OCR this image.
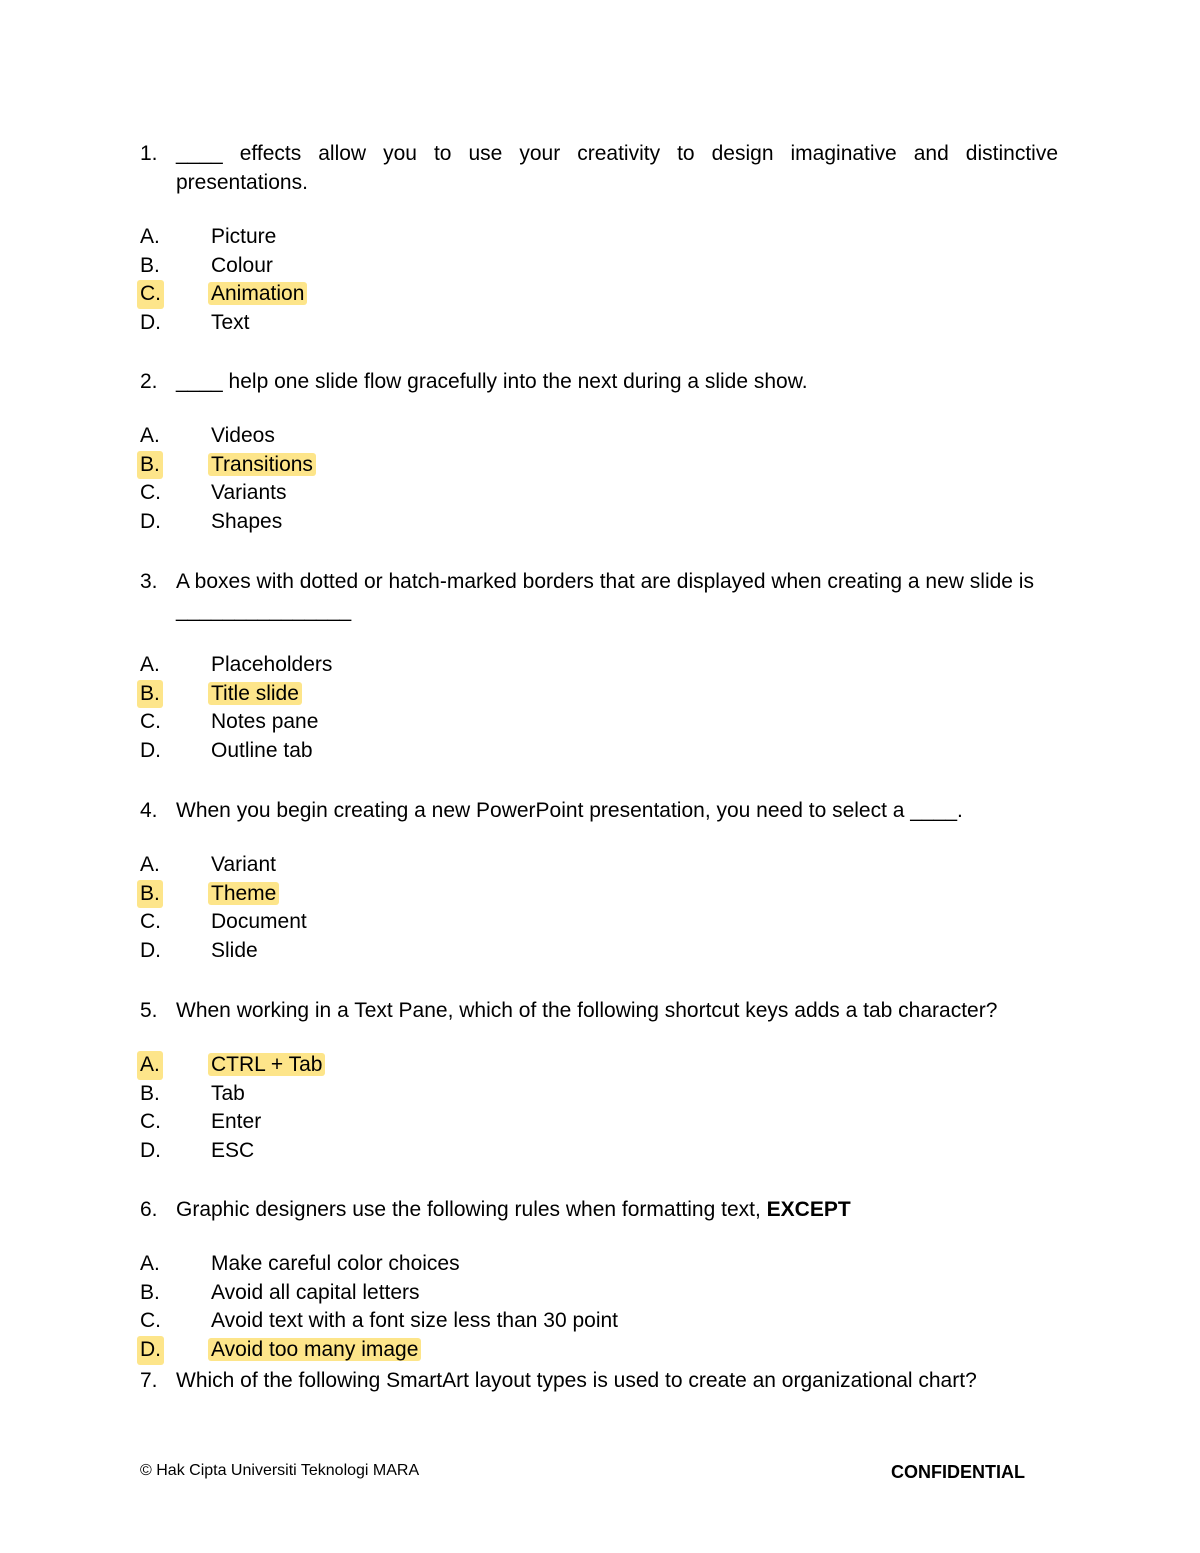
1. ____ effects allow you to use your creativity to design imaginative and distinctive presentations.
A. Picture
B. Colour
C. Animation
D. Text
2. ____ help one slide flow gracefully into the next during a slide show.
A. Videos
B. Transitions
C. Variants
D. Shapes
3. A boxes with dotted or hatch-marked borders that are displayed when creating a new slide is _______________
A. Placeholders
B. Title slide
C. Notes pane
D. Outline tab
4. When you begin creating a new PowerPoint presentation, you need to select a ____.
A. Variant
B. Theme
C. Document
D. Slide
5. When working in a Text Pane, which of the following shortcut keys adds a tab character?
A. CTRL + Tab
B. Tab
C. Enter
D. ESC
6. Graphic designers use the following rules when formatting text, EXCEPT
A. Make careful color choices
B. Avoid all capital letters
C. Avoid text with a font size less than 30 point
D. Avoid too many image
7. Which of the following SmartArt layout types is used to create an organizational chart?
© Hak Cipta Universiti Teknologi MARA	CONFIDENTIAL
